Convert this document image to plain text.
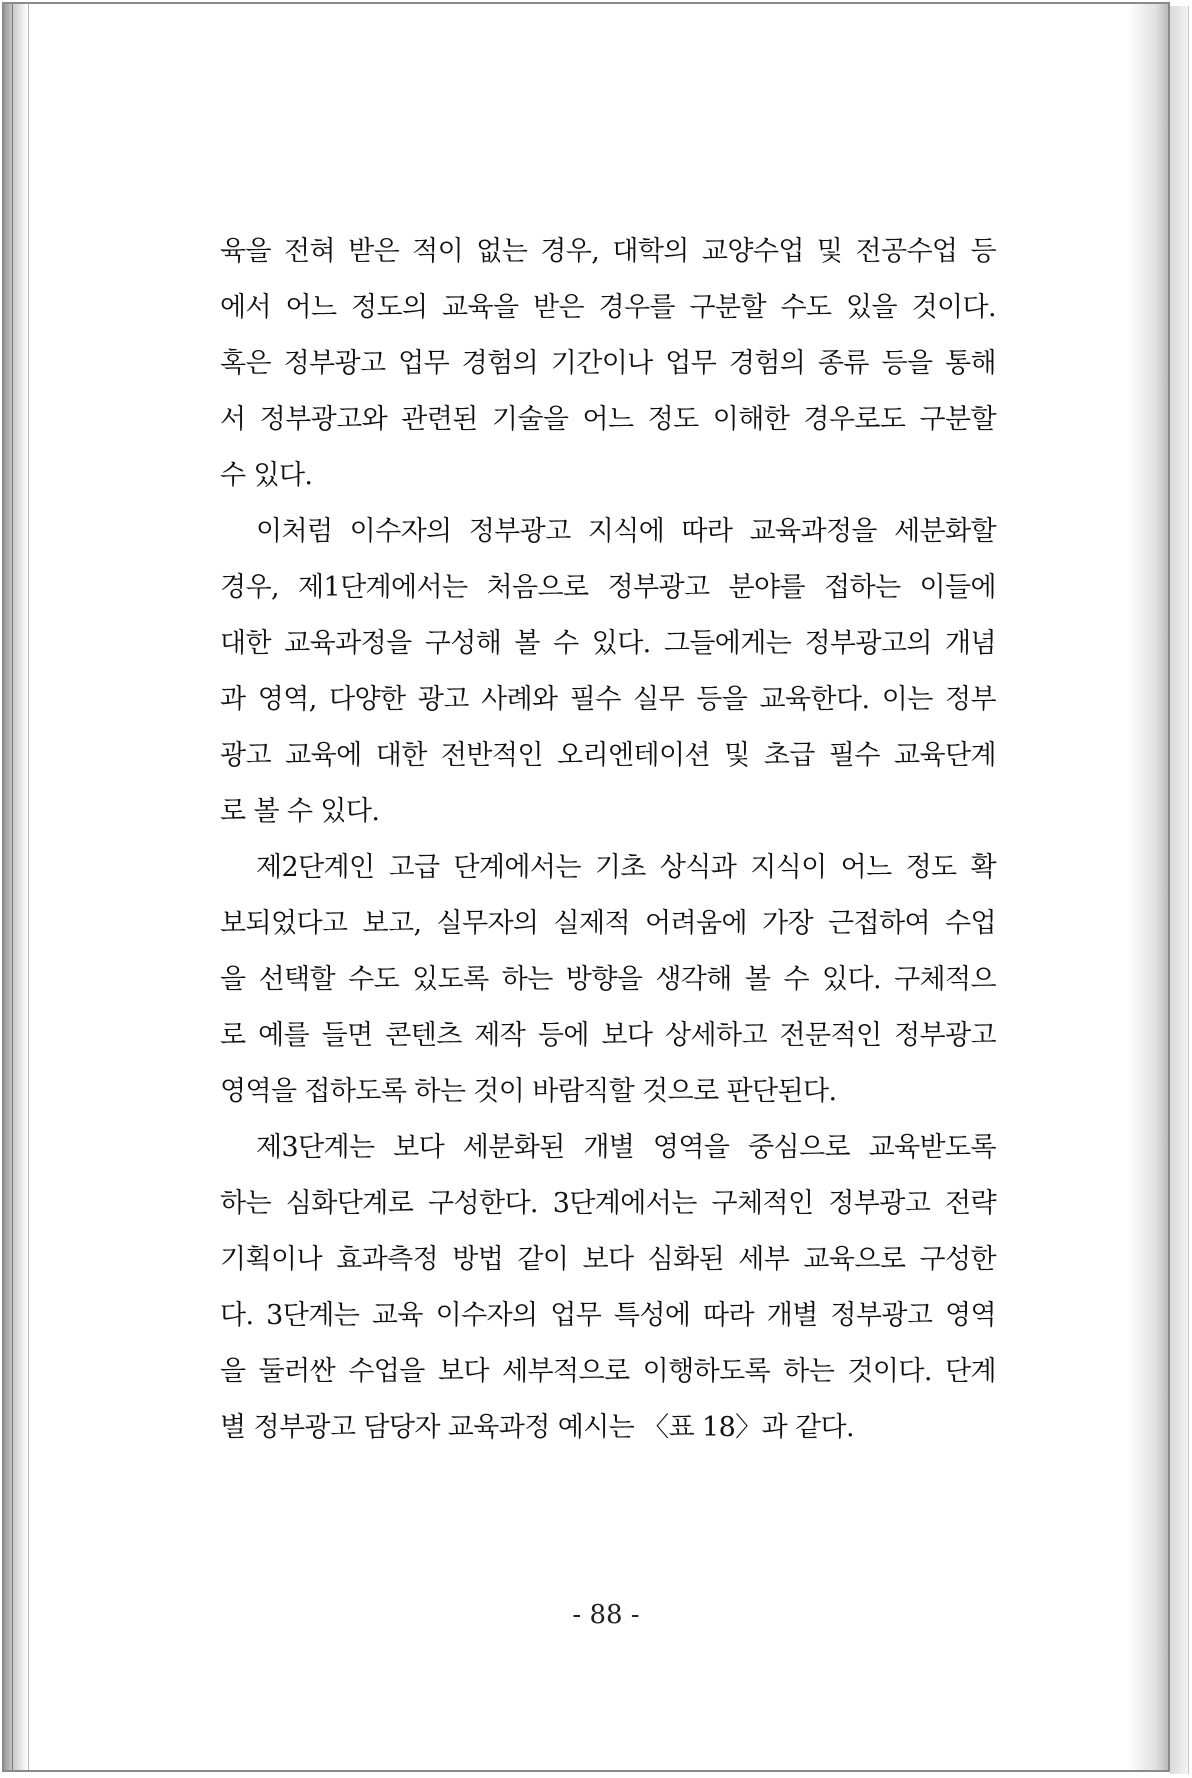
육을 전혀 받은 적이 없는 경우, 대학의 교양수업 및 전공수업 등
에서 어느 정도의 교육을 받은 경우를 구분할 수도 있을 것이다.
혹은 정부광고 업무 경험의 기간이나 업무 경험의 종류 등을 통해
서 정부광고와 관련된 기술을 어느 정도 이해한 경우로도 구분할
수 있다.
이처럼 이수자의 정부광고 지식에 따라 교육과정을 세분화할
경우, 제1단계에서는 처음으로 정부광고 분야를 접하는 이들에
대한 교육과정을 구성해 볼 수 있다. 그들에게는 정부광고의 개념
과 영역, 다양한 광고 사례와 필수 실무 등을 교육한다. 이는 정부
광고 교육에 대한 전반적인 오리엔테이션 및 초급 필수 교육단계
로 볼 수 있다.
제2단계인 고급 단계에서는 기초 상식과 지식이 어느 정도 확
보되었다고 보고, 실무자의 실제적 어려움에 가장 근접하여 수업
을 선택할 수도 있도록 하는 방향을 생각해 볼 수 있다. 구체적으
로 예를 들면 콘텐츠 제작 등에 보다 상세하고 전문적인 정부광고
영역을 접하도록 하는 것이 바람직할 것으로 판단된다.
제3단계는 보다 세분화된 개별 영역을 중심으로 교육받도록
하는 심화단계로 구성한다. 3단계에서는 구체적인 정부광고 전략
기획이나 효과측정 방법 같이 보다 심화된 세부 교육으로 구성한
다. 3단계는 교육 이수자의 업무 특성에 따라 개별 정부광고 영역
을 둘러싼 수업을 보다 세부적으로 이행하도록 하는 것이다. 단계
별 정부광고 담당자 교육과정 예시는 〈표 18〉과 같다.
- 88 -
